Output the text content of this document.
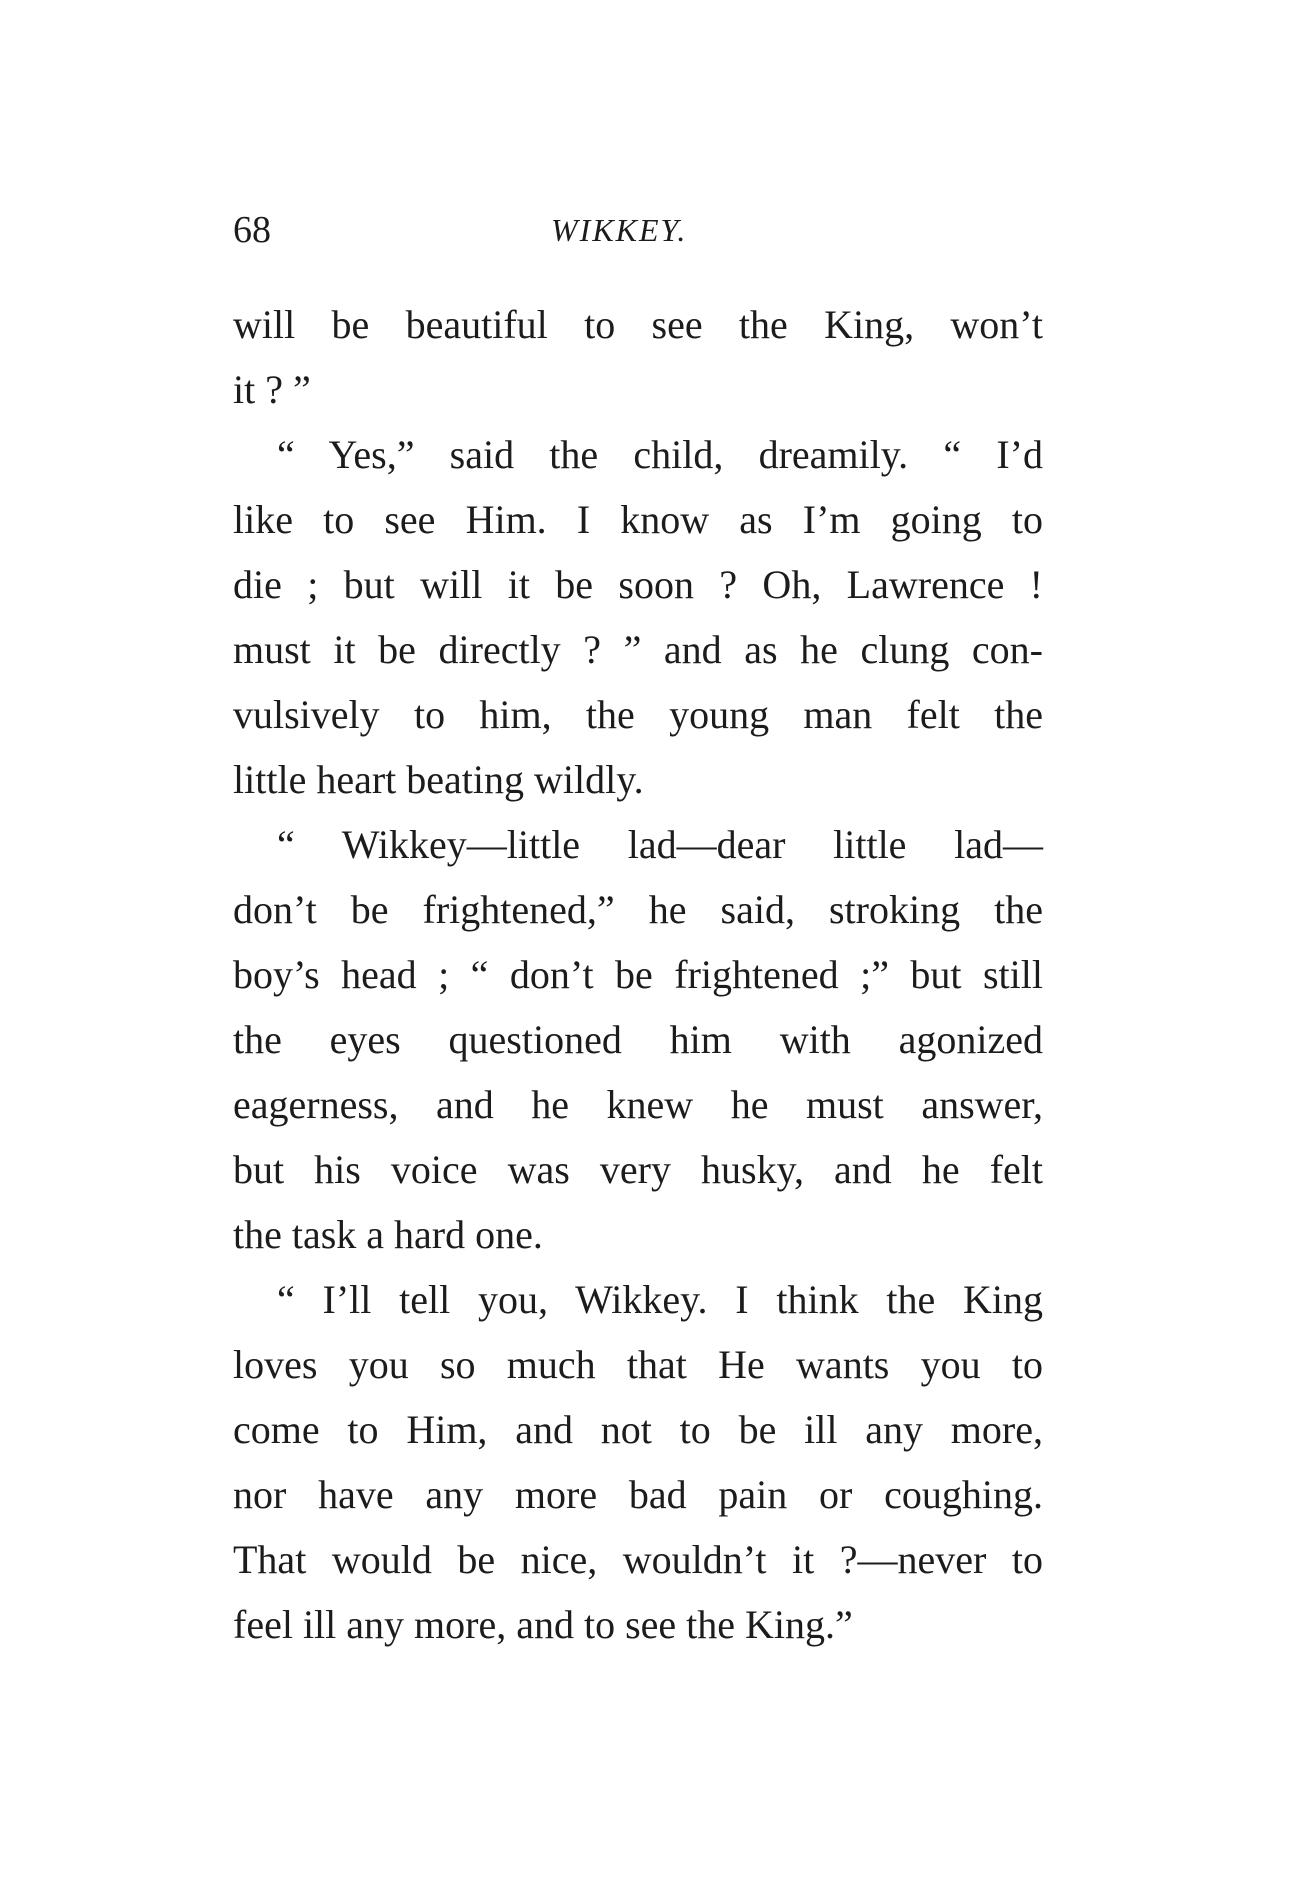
68	WIKKEY.
will be beautiful to see the King, won’t
it ? ”
“ Yes,” said the child, dreamily. “ I’d
like to see Him. I know as I’m going to
die ; but will it be soon ? Oh, Lawrence !
must it be directly ? ” and as he clung con-
vulsively to him, the young man felt the
little heart beating wildly.
“ Wikkey—little lad—dear little lad—
don’t be frightened,” he said, stroking the
boy’s head ; “ don’t be frightened ;” but still
the eyes questioned him with agonized
eagerness, and he knew he must answer,
but his voice was very husky, and he felt
the task a hard one.
“ I’ll tell you, Wikkey. I think the King
loves you so much that He wants you to
come to Him, and not to be ill any more,
nor have any more bad pain or coughing.
That would be nice, wouldn’t it ?—never to
feel ill any more, and to see the King.”
